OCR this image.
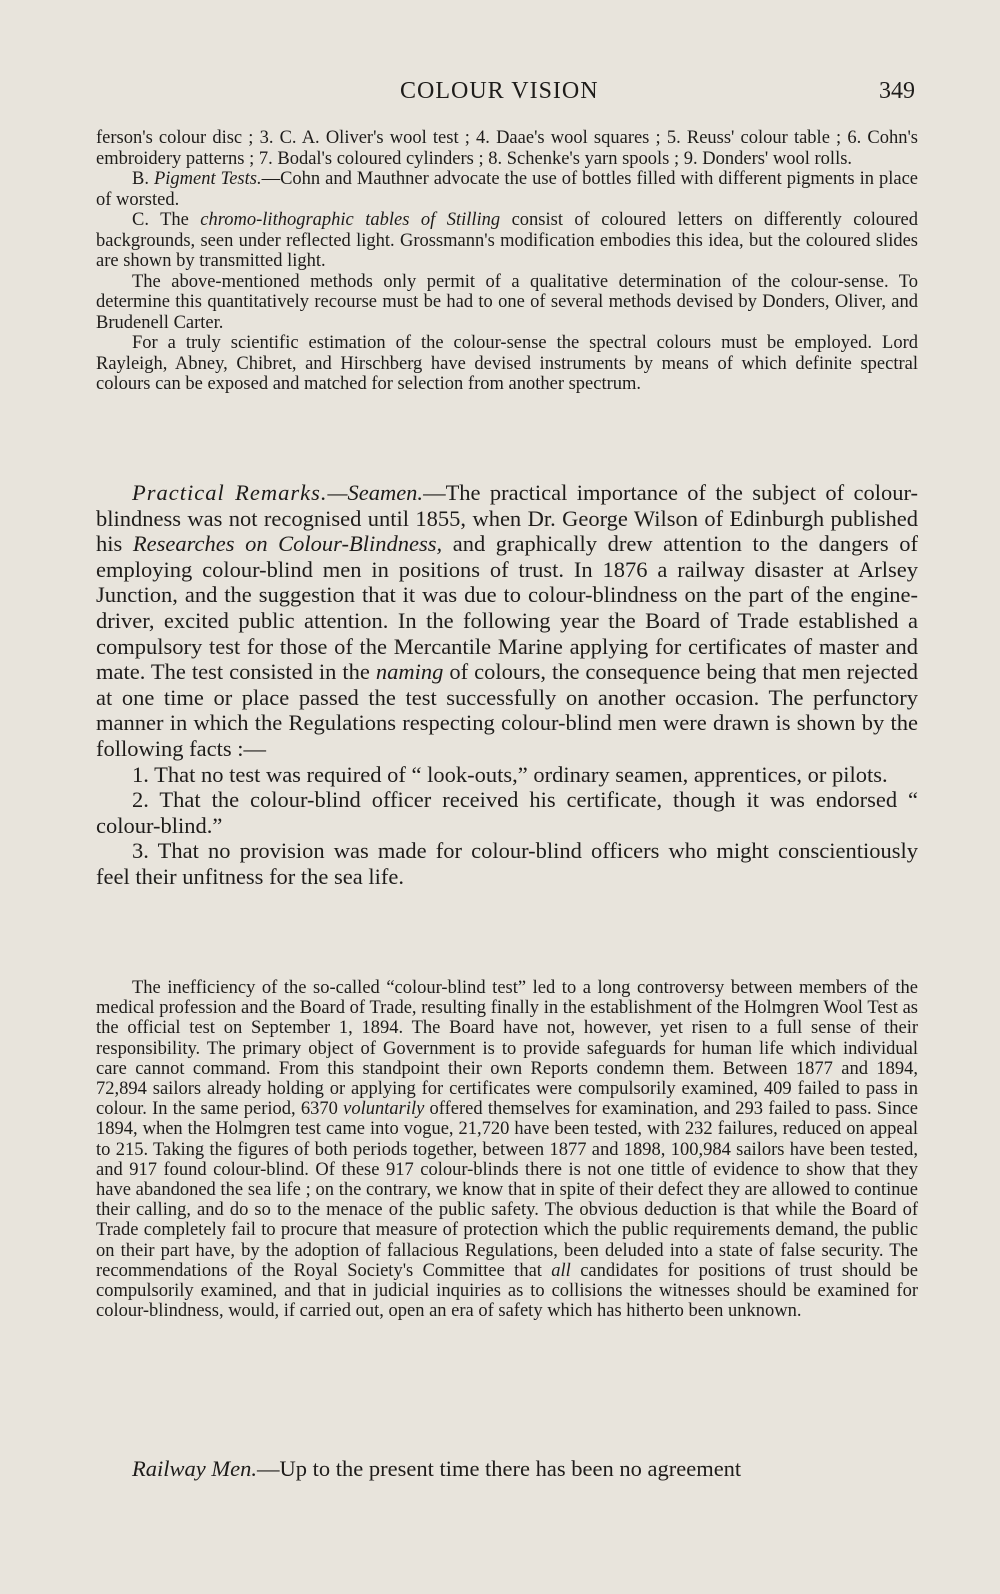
COLOUR VISION	349

ferson's colour disc ; 3. C. A. Oliver's wool test ; 4. Daae's wool squares ; 5. Reuss' colour table ; 6. Cohn's embroidery patterns ; 7. Bodal's coloured cylinders ; 8. Schenke's yarn spools ; 9. Donders' wool rolls.

B. Pigment Tests.—Cohn and Mauthner advocate the use of bottles filled with different pigments in place of worsted.

C. The chromo-lithographic tables of Stilling consist of coloured letters on differently coloured backgrounds, seen under reflected light. Grossmann's modification embodies this idea, but the coloured slides are shown by transmitted light.

The above-mentioned methods only permit of a qualitative determination of the colour-sense. To determine this quantitatively recourse must be had to one of several methods devised by Donders, Oliver, and Brudenell Carter.

For a truly scientific estimation of the colour-sense the spectral colours must be employed. Lord Rayleigh, Abney, Chibret, and Hirschberg have devised instruments by means of which definite spectral colours can be exposed and matched for selection from another spectrum.

Practical Remarks.—Seamen.—The practical importance of the subject of colour-blindness was not recognised until 1855, when Dr. George Wilson of Edinburgh published his Researches on Colour-Blindness, and graphically drew attention to the dangers of employing colour-blind men in positions of trust. In 1876 a railway disaster at Arlsey Junction, and the suggestion that it was due to colour-blindness on the part of the engine-driver, excited public attention. In the following year the Board of Trade established a compulsory test for those of the Mercantile Marine applying for certificates of master and mate. The test consisted in the naming of colours, the consequence being that men rejected at one time or place passed the test successfully on another occasion. The perfunctory manner in which the Regulations respecting colour-blind men were drawn is shown by the following facts :—

1. That no test was required of “ look-outs,” ordinary seamen, apprentices, or pilots.

2. That the colour-blind officer received his certificate, though it was endorsed “ colour-blind.”

3. That no provision was made for colour-blind officers who might conscientiously feel their unfitness for the sea life.

The inefficiency of the so-called “colour-blind test” led to a long controversy between members of the medical profession and the Board of Trade, resulting finally in the establishment of the Holmgren Wool Test as the official test on September 1, 1894. The Board have not, however, yet risen to a full sense of their responsibility. The primary object of Government is to provide safeguards for human life which individual care cannot command. From this standpoint their own Reports condemn them. Between 1877 and 1894, 72,894 sailors already holding or applying for certificates were compulsorily examined, 409 failed to pass in colour. In the same period, 6370 voluntarily offered themselves for examination, and 293 failed to pass. Since 1894, when the Holmgren test came into vogue, 21,720 have been tested, with 232 failures, reduced on appeal to 215. Taking the figures of both periods together, between 1877 and 1898, 100,984 sailors have been tested, and 917 found colour-blind. Of these 917 colour-blinds there is not one tittle of evidence to show that they have abandoned the sea life ; on the contrary, we know that in spite of their defect they are allowed to continue their calling, and do so to the menace of the public safety. The obvious deduction is that while the Board of Trade completely fail to procure that measure of protection which the public requirements demand, the public on their part have, by the adoption of fallacious Regulations, been deluded into a state of false security. The recommendations of the Royal Society's Committee that all candidates for positions of trust should be compulsorily examined, and that in judicial inquiries as to collisions the witnesses should be examined for colour-blindness, would, if carried out, open an era of safety which has hitherto been unknown.

Railway Men.—Up to the present time there has been no agreement
